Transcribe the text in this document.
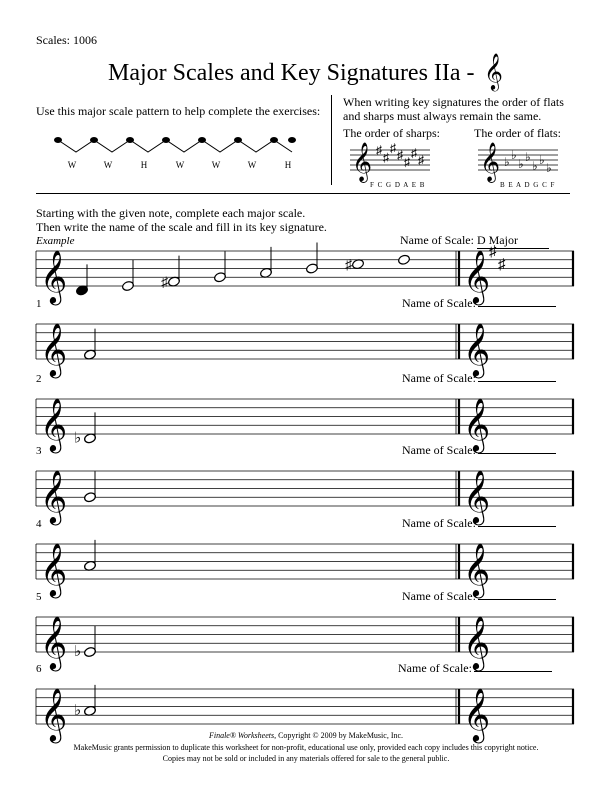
Scales: 1006
Major Scales and Key Signatures IIa - 𝄞
Use this major scale pattern to help complete the exercises:
W	W	H	W	W	W	H
When writing key signatures the order of flats
and sharps must always remain the same.
The order of sharps:	The order of flats:
𝄞 ♯
♯
♯ ♯ ♯
♯ ♯
F C G D A E B
𝄞 ♭ ♭
♭ ♭
♭ ♭
♭
B E A D G C F
Starting with the given note, complete each major scale.
Then write the name of the scale and fill in its key signature.
Example	Name of Scale: D Major
𝄞	𝄞
♯
♯
♯
♯
𝄞	𝄞
𝄞	𝄞
♭
𝄞	𝄞
𝄞	𝄞
𝄞	𝄞
♭
𝄞	𝄞
♭
Finale® Worksheets, Copyright © 2009 by MakeMusic, Inc.
MakeMusic grants permission to duplicate this worksheet for non-profit, educational use only, provided each copy includes this copyright notice.
Copies may not be sold or included in any materials offered for sale to the general public.
1	Name of Scale:
2	Name of Scale:
3	Name of Scale:
4	Name of Scale:
5	Name of Scale:
6	Name of Scale:
